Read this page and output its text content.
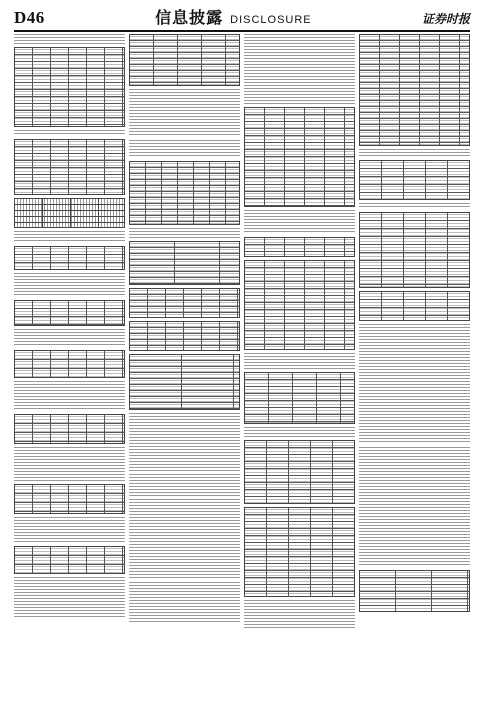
D46	信息披露 DISCLOSURE	证券时报
